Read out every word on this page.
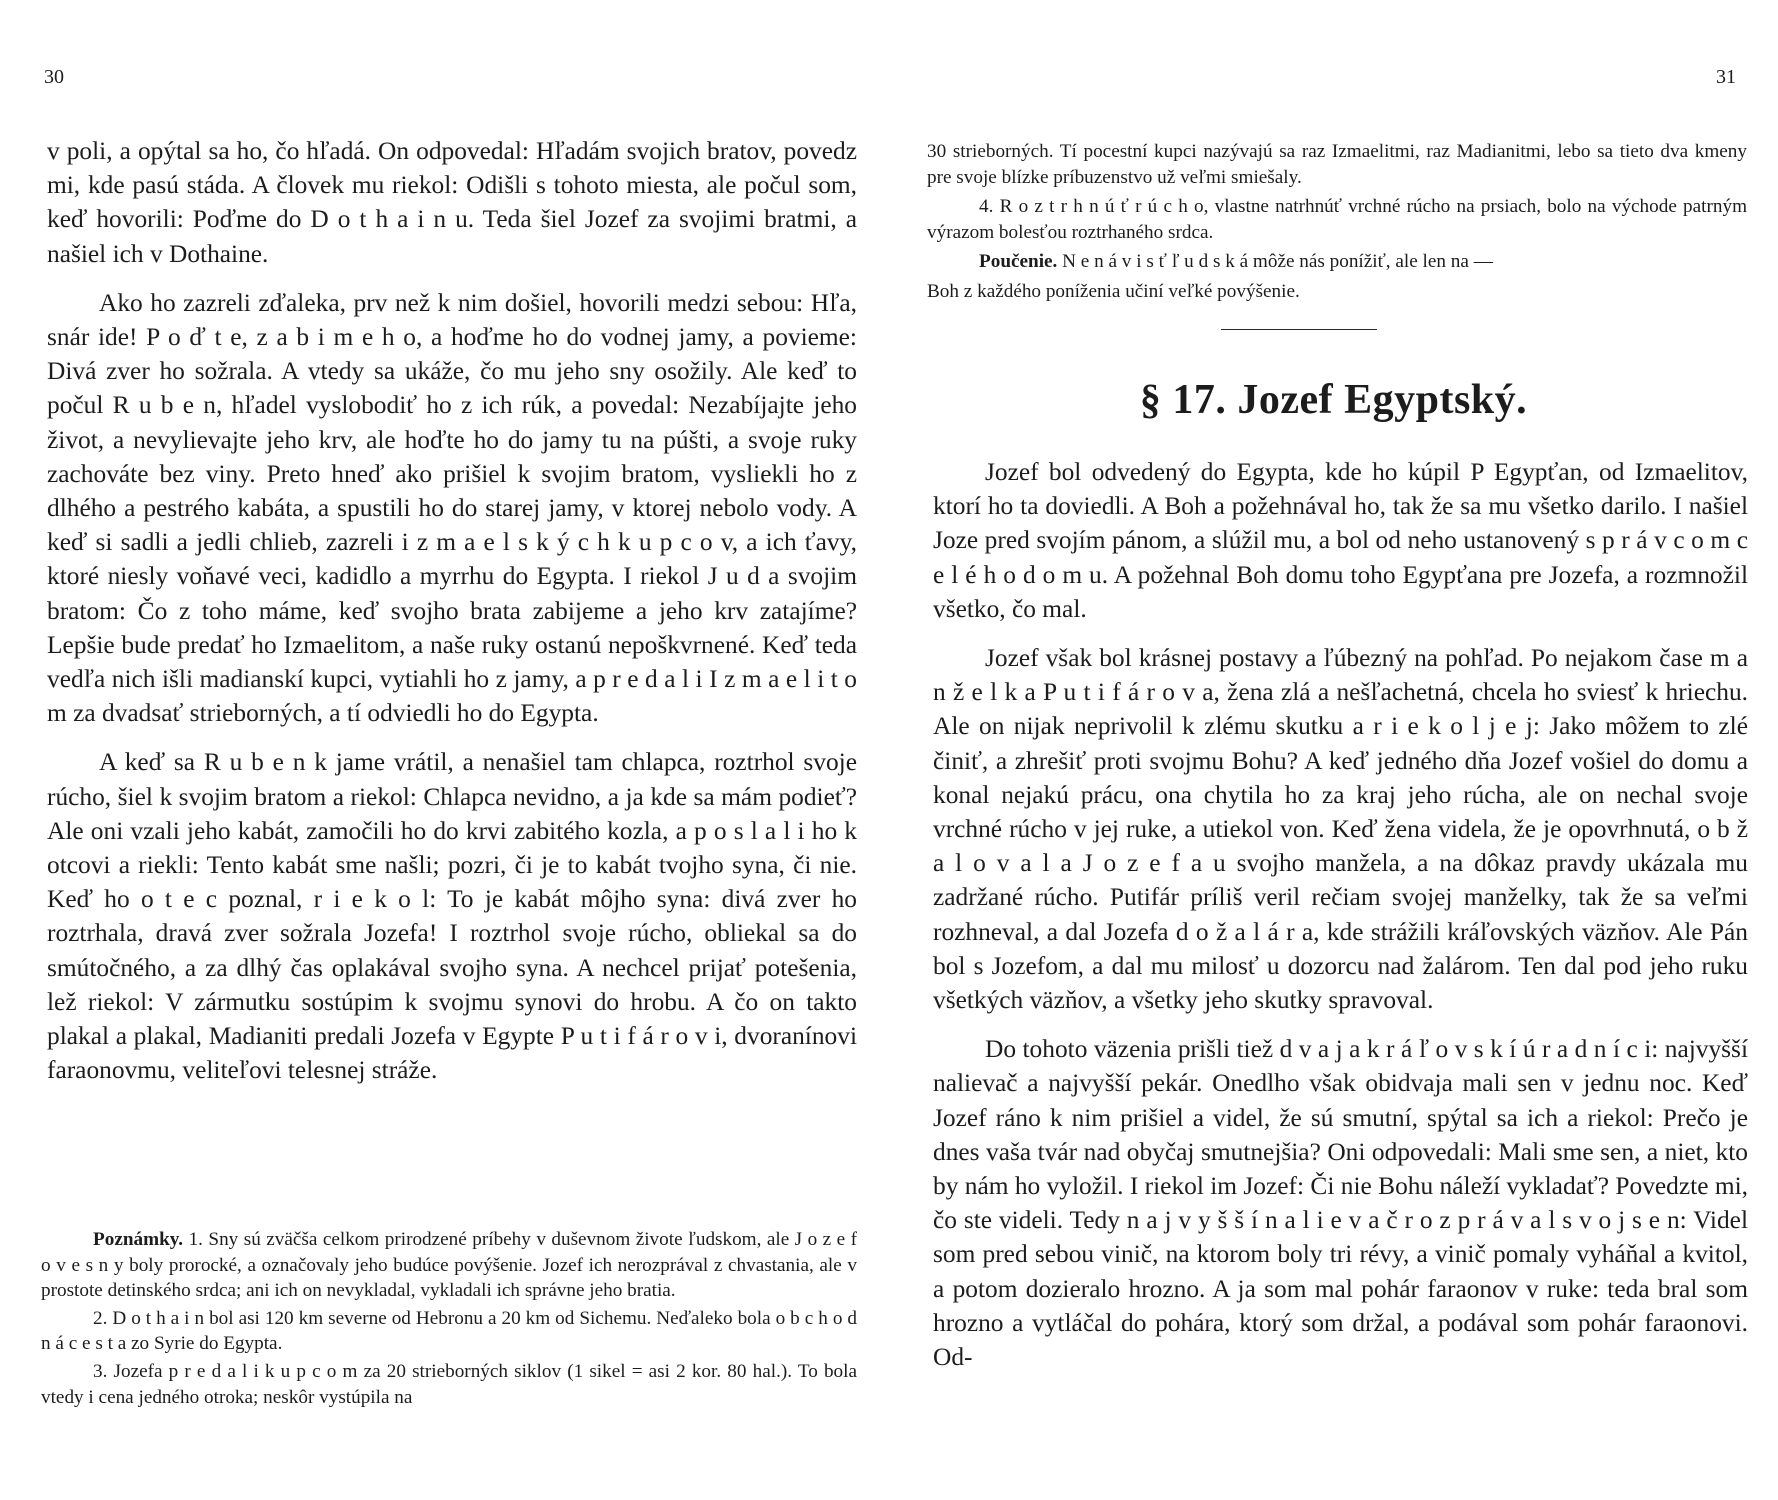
30

v poli, a opýtal sa ho, čo hľadá. On odpovedal: Hľadám svojich bratov, povedz mi, kde pasú stáda. A človek mu riekol: Odišli s tohoto miesta, ale počul som, keď hovorili: Poďme do D o t h a i n u. Teda šiel Jozef za svojimi bratmi, a našiel ich v Dothaine.

Ako ho zazreli zďaleka, prv než k nim došiel, hovorili medzi sebou: Hľa, snár ide! P o ď t e, z a b i m e h o, a hoďme ho do vodnej jamy, a povieme: Divá zver ho sožrala. A vtedy sa ukáže, čo mu jeho sny osožily. Ale keď to počul R u b e n, hľadel vyslobodiť ho z ich rúk, a povedal: Nezabíjajte jeho život, a nevylievajte jeho krv, ale hoďte ho do jamy tu na púšti, a svoje ruky zachováte bez viny. Preto hneď ako prišiel k svojim bratom, vysliekli ho z dlhého a pestrého kabáta, a spustili ho do starej jamy, v ktorej nebolo vody. A keď si sadli a jedli chlieb, zazreli i z m a e l s k ý c h k u p c o v, a ich ťavy, ktoré niesly voňavé veci, kadidlo a myrrhu do Egypta. I riekol J u d a svojim bratom: Čo z toho máme, keď svojho brata zabijeme a jeho krv zatajíme? Lepšie bude predať ho Izmaelitom, a naše ruky ostanú nepoškvrnené. Keď teda vedľa nich išli madianskí kupci, vytiahli ho z jamy, a p r e d a l i I z m a e l i t o m za dvadsať strieborných, a tí odviedli ho do Egypta.

A keď sa R u b e n k jame vrátil, a nenašiel tam chlapca, roztrhol svoje rúcho, šiel k svojim bratom a riekol: Chlapca nevidno, a ja kde sa mám podieť? Ale oni vzali jeho kabát, zamočili ho do krvi zabitého kozla, a p o s l a l i ho k otcovi a riekli: Tento kabát sme našli; pozri, či je to kabát tvojho syna, či nie. Keď ho o t e c poznal, r i e k o l: To je kabát môjho syna: divá zver ho roztrhala, dravá zver sožrala Jozefa! I roztrhol svoje rúcho, obliekal sa do smútočného, a za dlhý čas oplakával svojho syna. A nechcel prijať potešenia, lež riekol: V zármutku sostúpim k svojmu synovi do hrobu. A čo on takto plakal a plakal, Madianiti predali Jozefa v Egypte P u t i f á r o v i, dvoranínovi faraonovmu, veliteľovi telesnej stráže.

Poznámky. 1. Sny sú zväčša celkom prirodzené príbehy v duševnom živote ľudskom, ale J o z e f o v e s n y boly prorocké, a označovaly jeho budúce povýšenie. Jozef ich nerozprával z chvastania, ale v prostote detinského srdca; ani ich on nevykladal, vykladali ich správne jeho bratia.

2. D o t h a i n bol asi 120 km severne od Hebronu a 20 km od Sichemu. Neďaleko bola o b c h o d n á c e s t a zo Syrie do Egypta.

3. Jozefa p r e d a l i k u p c o m za 20 strieborných siklov (1 sikel = asi 2 kor. 80 hal.). To bola vtedy i cena jedného otroka; neskôr vystúpila na

31

30 strieborných. Tí pocestní kupci nazývajú sa raz Izmaelitmi, raz Madianitmi, lebo sa tieto dva kmeny pre svoje blízke príbuzenstvo už veľmi smiešaly.

4. R o z t r h n ú ť r ú c h o, vlastne natrhnúť vrchné rúcho na prsiach, bolo na východe patrným výrazom bolesťou roztrhaného srdca.

Poučenie. N e n á v i s ť ľ u d s k á môže nás ponížiť, ale len na —

Boh z každého poníženia učiní veľké povýšenie.

§ 17. Jozef Egyptský.

Jozef bol odvedený do Egypta, kde ho kúpil P Egypťan, od Izmaelitov, ktorí ho ta doviedli. A Boh a požehnával ho, tak že sa mu všetko darilo. I našiel Joze pred svojím pánom, a slúžil mu, a bol od neho ustanovený s p r á v c o m c e l é h o d o m u. A požehnal Boh domu toho Egypťana pre Jozefa, a rozmnožil všetko, čo mal.

Jozef však bol krásnej postavy a ľúbezný na pohľad. Po nejakom čase m a n ž e l k a P u t i f á r o v a, žena zlá a nešľachetná, chcela ho sviesť k hriechu. Ale on nijak neprivolil k zlému skutku a r i e k o l j e j: Jako môžem to zlé činiť, a zhrešiť proti svojmu Bohu? A keď jedného dňa Jozef vošiel do domu a konal nejakú prácu, ona chytila ho za kraj jeho rúcha, ale on nechal svoje vrchné rúcho v jej ruke, a utiekol von. Keď žena videla, že je opovrhnutá, o b ž a l o v a l a J o z e f a u svojho manžela, a na dôkaz pravdy ukázala mu zadržané rúcho. Putifár príliš veril rečiam svojej manželky, tak že sa veľmi rozhneval, a dal Jozefa d o ž a l á r a, kde strážili kráľovských väzňov. Ale Pán bol s Jozefom, a dal mu milosť u dozorcu nad žalárom. Ten dal pod jeho ruku všetkých väzňov, a všetky jeho skutky spravoval.

Do tohoto väzenia prišli tiež d v a j a k r á ľ o v s k í ú r a d n í c i: najvyšší nalievač a najvyšší pekár. Onedlho však obidvaja mali sen v jednu noc. Keď Jozef ráno k nim prišiel a videl, že sú smutní, spýtal sa ich a riekol: Prečo je dnes vaša tvár nad obyčaj smutnejšia? Oni odpovedali: Mali sme sen, a niet, kto by nám ho vyložil. I riekol im Jozef: Či nie Bohu náleží vykladať? Povedzte mi, čo ste videli. Tedy n a j v y š š í n a l i e v a č r o z p r á v a l s v o j s e n: Videl som pred sebou vinič, na ktorom boly tri révy, a vinič pomaly vyháňal a kvitol, a potom dozieralo hrozno. A ja som mal pohár faraonov v ruke: teda bral som hrozno a vytláčal do pohára, ktorý som držal, a podával som pohár faraonovi. Od-
